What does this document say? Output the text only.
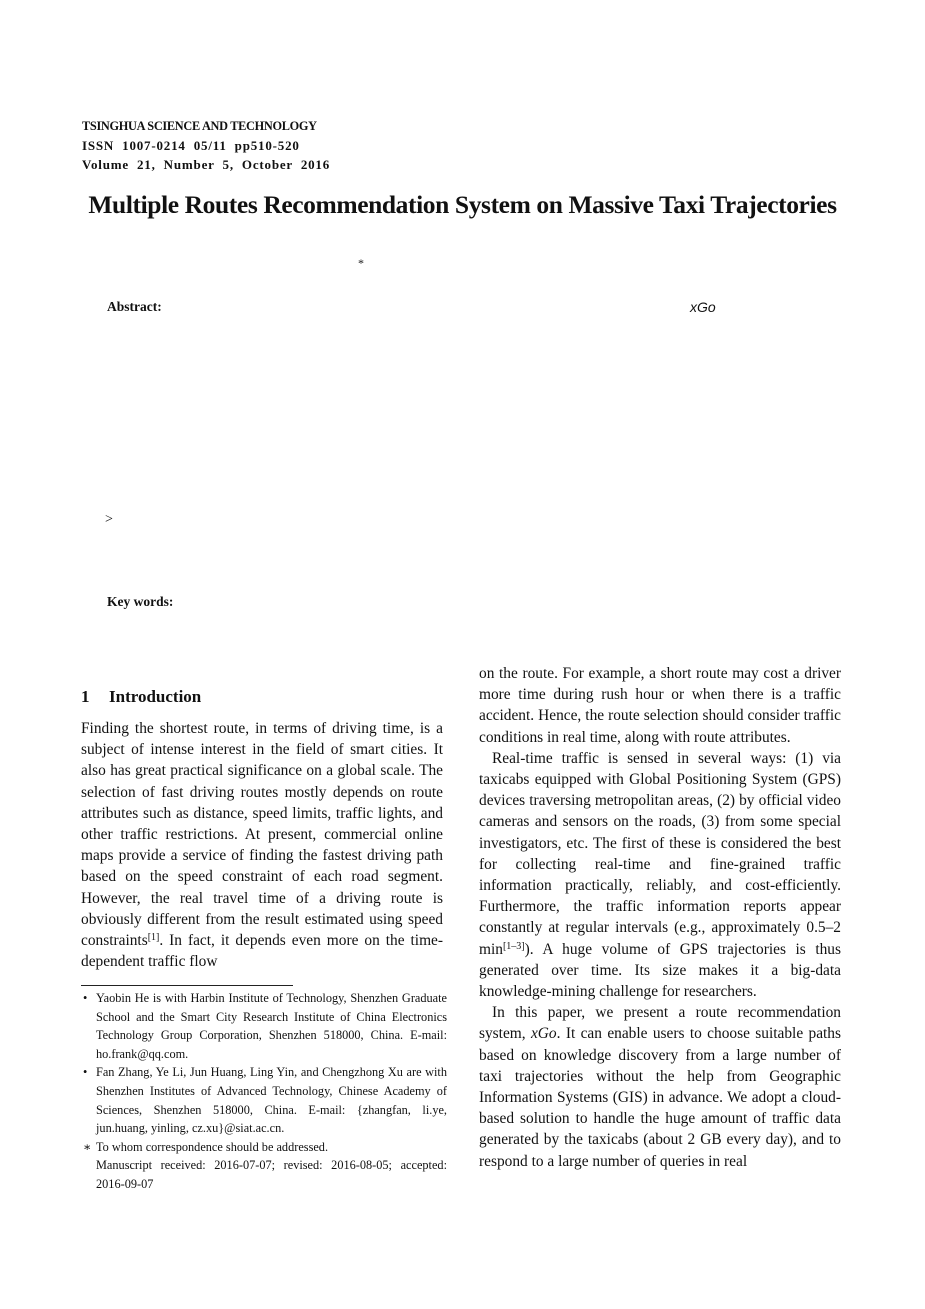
TSINGHUA SCIENCE AND TECHNOLOGY
ISSN 1007-0214 05/11 pp510-520
Volume 21, Number 5, October 2016
Multiple Routes Recommendation System on Massive Taxi Trajectories
*
Abstract:	xGo
>
Key words:
1 Introduction

Finding the shortest route, in terms of driving time, is a subject of intense interest in the field of smart cities. It also has great practical significance on a global scale. The selection of fast driving routes mostly depends on route attributes such as distance, speed limits, traffic lights, and other traffic restrictions. At present, commercial online maps provide a service of finding the fastest driving path based on the speed constraint of each road segment. However, the real travel time of a driving route is obviously different from the result estimated using speed constraints[1]. In fact, it depends even more on the time-dependent traffic flow

• Yaobin He is with Harbin Institute of Technology, Shenzhen Graduate School and the Smart City Research Institute of China Electronics Technology Group Corporation, Shenzhen 518000, China. E-mail: ho.frank@qq.com.

• Fan Zhang, Ye Li, Jun Huang, Ling Yin, and Chengzhong Xu are with Shenzhen Institutes of Advanced Technology, Chinese Academy of Sciences, Shenzhen 518000, China. E-mail: {zhangfan, li.ye, jun.huang, yinling, cz.xu}@siat.ac.cn.

∗ To whom correspondence should be addressed.

Manuscript received: 2016-07-07; revised: 2016-08-05; accepted: 2016-09-07

on the route. For example, a short route may cost a driver more time during rush hour or when there is a traffic accident. Hence, the route selection should consider traffic conditions in real time, along with route attributes.

Real-time traffic is sensed in several ways: (1) via taxicabs equipped with Global Positioning System (GPS) devices traversing metropolitan areas, (2) by official video cameras and sensors on the roads, (3) from some special investigators, etc. The first of these is considered the best for collecting real-time and fine-grained traffic information practically, reliably, and cost-efficiently. Furthermore, the traffic information reports appear constantly at regular intervals (e.g., approximately 0.5–2 min[1–3]). A huge volume of GPS trajectories is thus generated over time. Its size makes it a big-data knowledge-mining challenge for researchers.

In this paper, we present a route recommendation system, xGo. It can enable users to choose suitable paths based on knowledge discovery from a large number of taxi trajectories without the help from Geographic Information Systems (GIS) in advance. We adopt a cloud-based solution to handle the huge amount of traffic data generated by the taxicabs (about 2 GB every day), and to respond to a large number of queries in real
